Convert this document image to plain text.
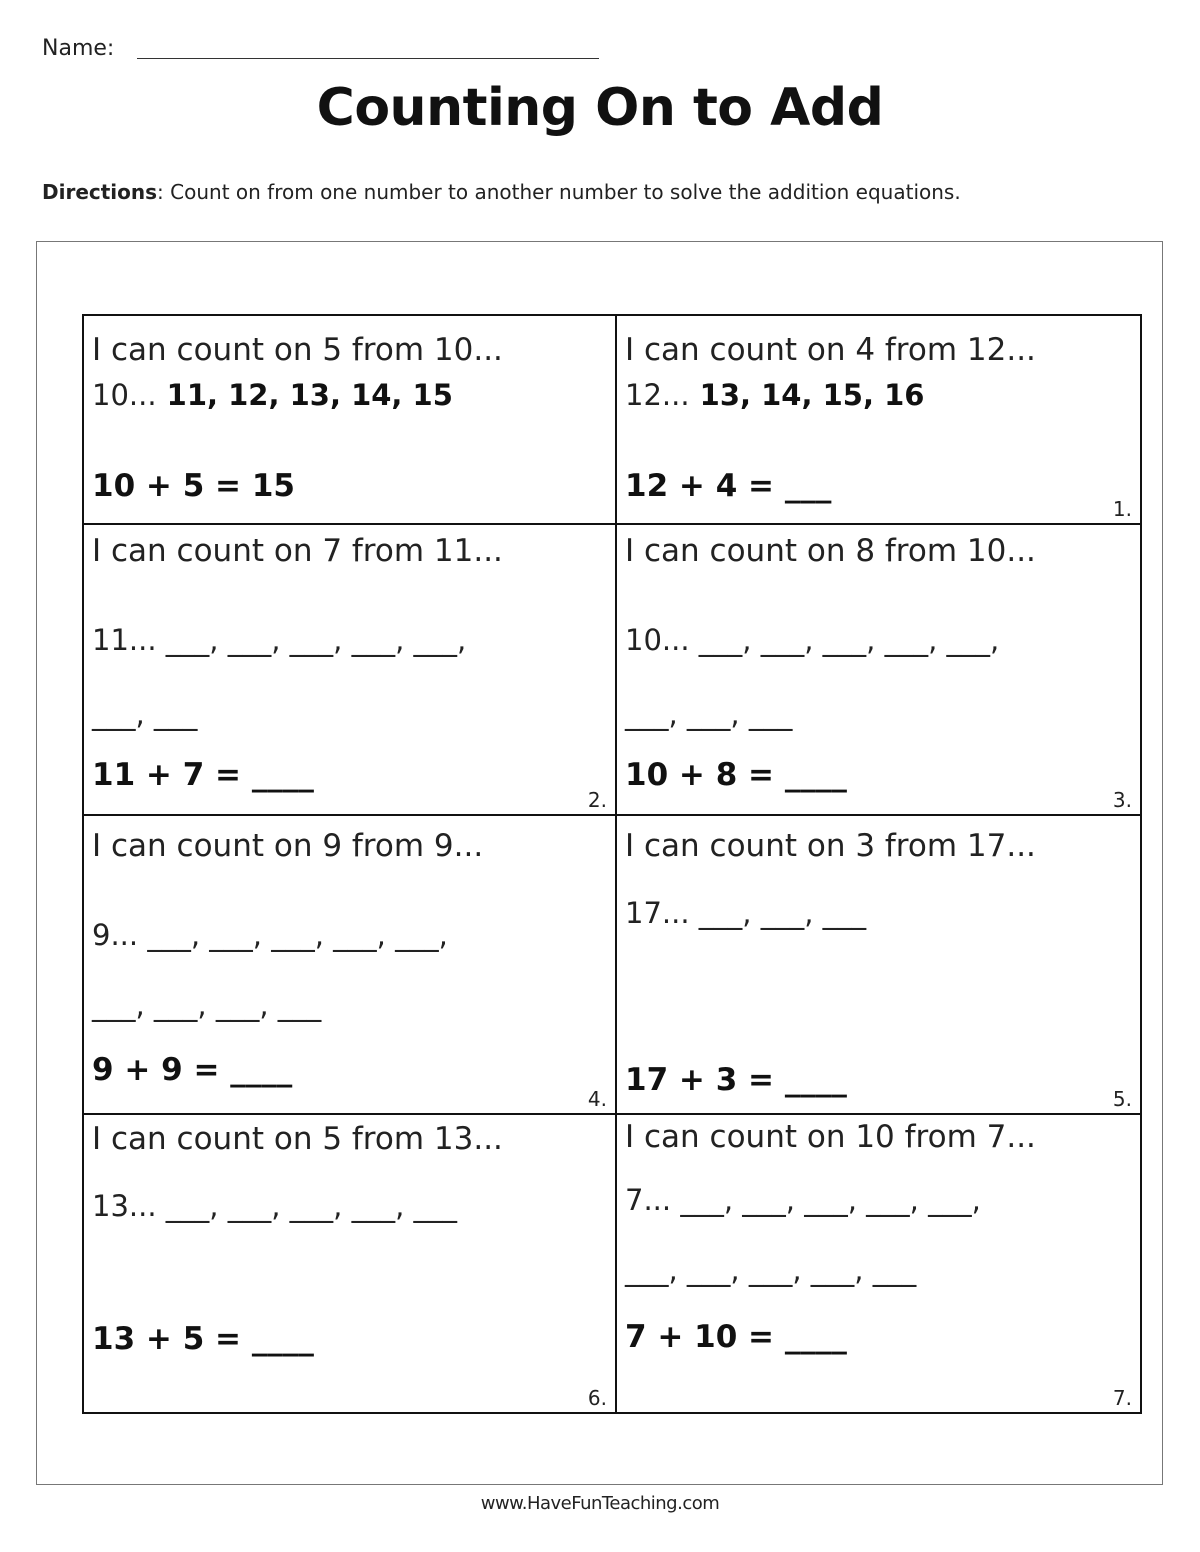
Name:
Counting On to Add
Directions: Count on from one number to another number to solve the addition equations.
I can count on 5 from 10...
10... 11, 12, 13, 14, 15
10 + 5 = 15
I can count on 4 from 12...
12... 13, 14, 15, 16
12 + 4 = ___
1.
I can count on 7 from 11...
11... ___, ___, ___, ___, ___,
___, ___
11 + 7 = ____
2.
I can count on 8 from 10...
10... ___, ___, ___, ___, ___,
___, ___, ___
10 + 8 = ____
3.
I can count on 9 from 9...
9... ___, ___, ___, ___, ___,
___, ___, ___, ___
9 + 9 = ____
4.
I can count on 3 from 17...
17... ___, ___, ___
17 + 3 = ____
5.
I can count on 5 from 13...
13... ___, ___, ___, ___, ___
13 + 5 = ____
6.
I can count on 10 from 7...
7... ___, ___, ___, ___, ___,
___, ___, ___, ___, ___
7 + 10 = ____
7.
www.HaveFunTeaching.com
